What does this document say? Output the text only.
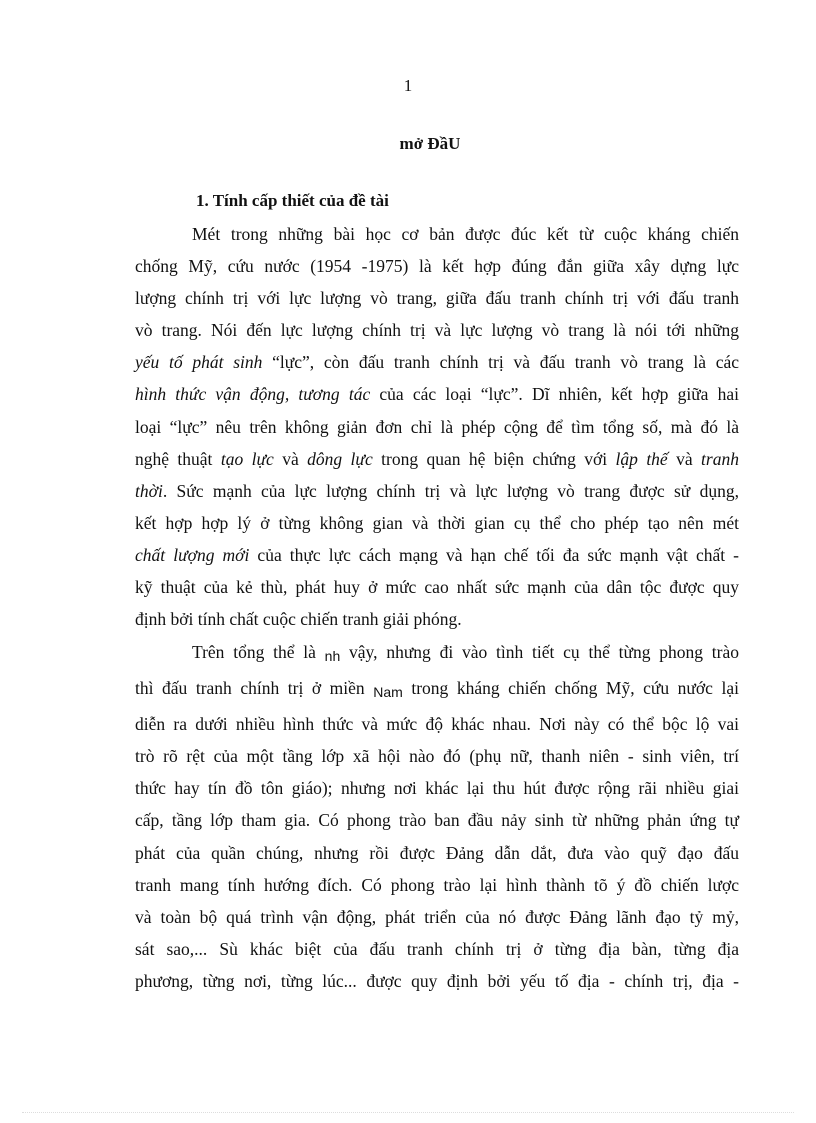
1
mở ĐầU
1. Tính cấp thiết của đề tài
Mét trong những bài học cơ bản được đúc kết từ cuộc kháng chiến
chống Mỹ, cứu nước (1954 -1975) là kết hợp đúng đắn giữa xây dựng lực
lượng chính trị với lực lượng vò trang, giữa đấu tranh chính trị với đấu tranh
vò trang. Nói đến lực lượng chính trị và lực lượng vò trang là nói tới những
yếu tố phát sinh “lực”, còn đấu tranh chính trị và đấu tranh vò trang là các
hình thức vận động, tương tác của các loại “lực”. Dĩ nhiên, kết hợp giữa hai
loại “lực” nêu trên không giản đơn chỉ là phép cộng để tìm tổng số, mà đó là
nghệ thuật tạo lực và dông lực trong quan hệ biện chứng với lập thế và tranh
thời. Sức mạnh của lực lượng chính trị và lực lượng vò trang được sử dụng,
kết hợp hợp lý ở từng không gian và thời gian cụ thể cho phép tạo nên mét
chất lượng mới của thực lực cách mạng và hạn chế tối đa sức mạnh vật chất -
kỹ thuật của kẻ thù, phát huy ở mức cao nhất sức mạnh của dân tộc được quy
định bởi tính chất cuộc chiến tranh giải phóng.
Trên tổng thể là nh vậy, nhưng đi vào tình tiết cụ thể từng phong trào
thì đấu tranh chính trị ở miền Nam trong kháng chiến chống Mỹ, cứu nước lại
diễn ra dưới nhiều hình thức và mức độ khác nhau. Nơi này có thể bộc lộ vai
trò rõ rệt của một tầng lớp xã hội nào đó (phụ nữ, thanh niên - sinh viên, trí
thức hay tín đồ tôn giáo); nhưng nơi khác lại thu hút được rộng rãi nhiều giai
cấp, tầng lớp tham gia. Có phong trào ban đầu nảy sinh từ những phản ứng tự
phát của quần chúng, nhưng rồi được Đảng dẫn dắt, đưa vào quỹ đạo đấu
tranh mang tính hướng đích. Có phong trào lại hình thành tõ ý đồ chiến lược
và toàn bộ quá trình vận động, phát triển của nó được Đảng lãnh đạo tỷ mỷ,
sát sao,... Sù khác biệt của đấu tranh chính trị ở từng địa bàn, từng địa
phương, từng nơi, từng lúc... được quy định bởi yếu tố địa - chính trị, địa -
